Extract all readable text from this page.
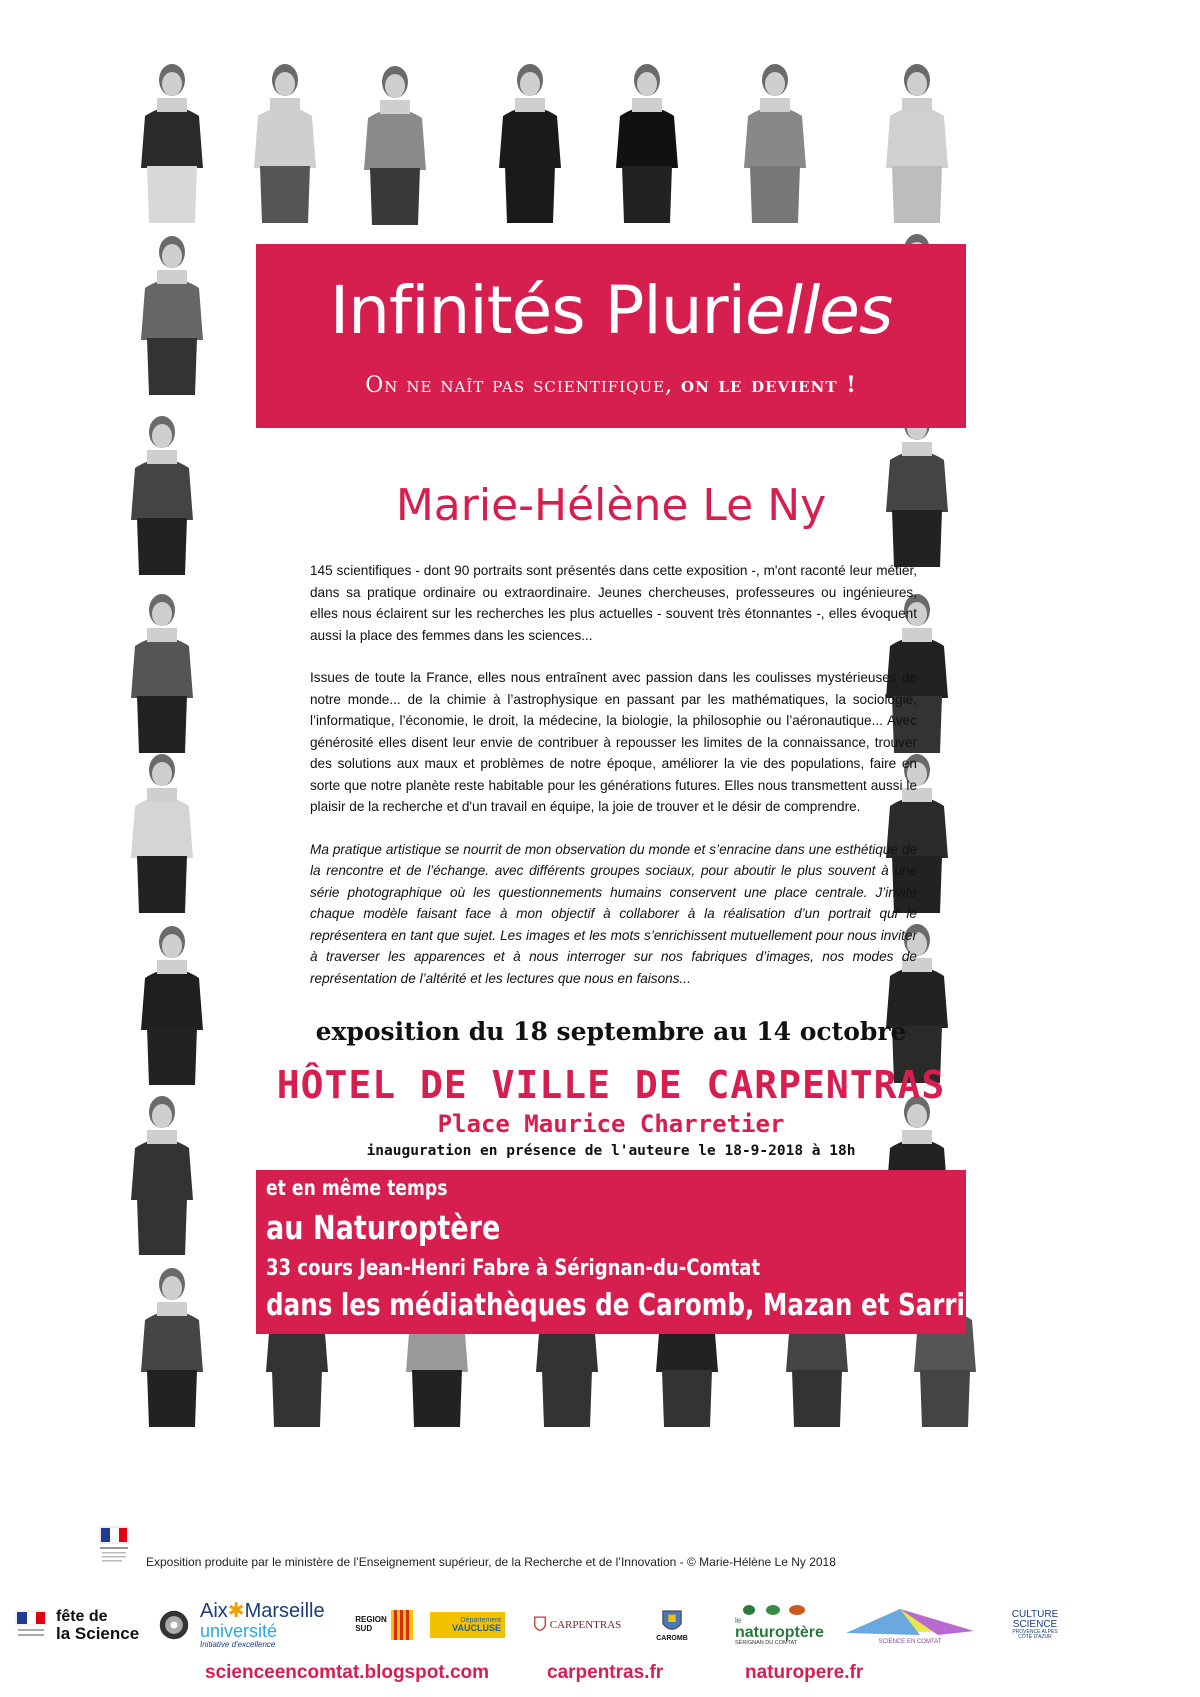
Infinités Plurielles
On ne naît pas scientifique, on le devient !
Marie-Hélène Le Ny

145 scientifiques - dont 90 portraits sont présentés dans cette exposition -, m'ont raconté leur métier, dans sa pratique ordinaire ou extraordinaire. Jeunes chercheuses, professeures ou ingénieures, elles nous éclairent sur les recherches les plus actuelles - souvent très étonnantes -, elles évoquent aussi la place des femmes dans les sciences...

Issues de toute la France, elles nous entraînent avec passion dans les coulisses mystérieuses de notre monde... de la chimie à l’astrophysique en passant par les mathématiques, la sociologie, l’informatique, l’économie, le droit, la médecine, la biologie, la philosophie ou l’aéronautique... Avec générosité elles disent leur envie de contribuer à repousser les limites de la connaissance, trouver des solutions aux maux et problèmes de notre époque, améliorer la vie des populations, faire en sorte que notre planète reste habitable pour les générations futures. Elles nous transmettent aussi le plaisir de la recherche et d'un travail en équipe, la joie de trouver et le désir de comprendre.

Ma pratique artistique se nourrit de mon observation du monde et s’enracine dans une esthétique de la rencontre et de l’échange. avec différents groupes sociaux, pour aboutir le plus souvent à une série photographique où les questionnements humains conservent une place centrale. J’invite chaque modèle faisant face à mon objectif à collaborer à la réalisation d’un portrait qui le représentera en tant que sujet. Les images et les mots s’enrichissent mutuellement pour nous inviter à traverser les apparences et à nous interroger sur nos fabriques d’images, nos modes de représentation de l’altérité et les lectures que nous en faisons...

exposition du 18 septembre au 14 octobre
HÔTEL DE VILLE DE CARPENTRAS
Place Maurice Charretier
inauguration en présence de l'auteure le 18-9-2018 à 18h
et en même temps
au Naturoptère
33 cours Jean-Henri Fabre à Sérignan-du-Comtat
dans les médiathèques de Caromb, Mazan et Sarrians
Exposition produite par le ministère de l’Enseignement supérieur, de la Recherche et de l’Innovation - © Marie-Hélène Le Ny 2018
fête de
la Science
Aix✱Marseille
université
Initiative d'excellence
REGION
SUD
Département
VAUCLUSE	CARPENTRAS
CAROMB
le
naturoptère
SÉRIGNAN DU COMTAT	SCIENCE EN COMTAT
CULTURE
SCIENCE
PROVENCE ALPES CÔTE D'AZUR
scienceencomtat.blogspot.com	carpentras.fr	naturopere.fr
